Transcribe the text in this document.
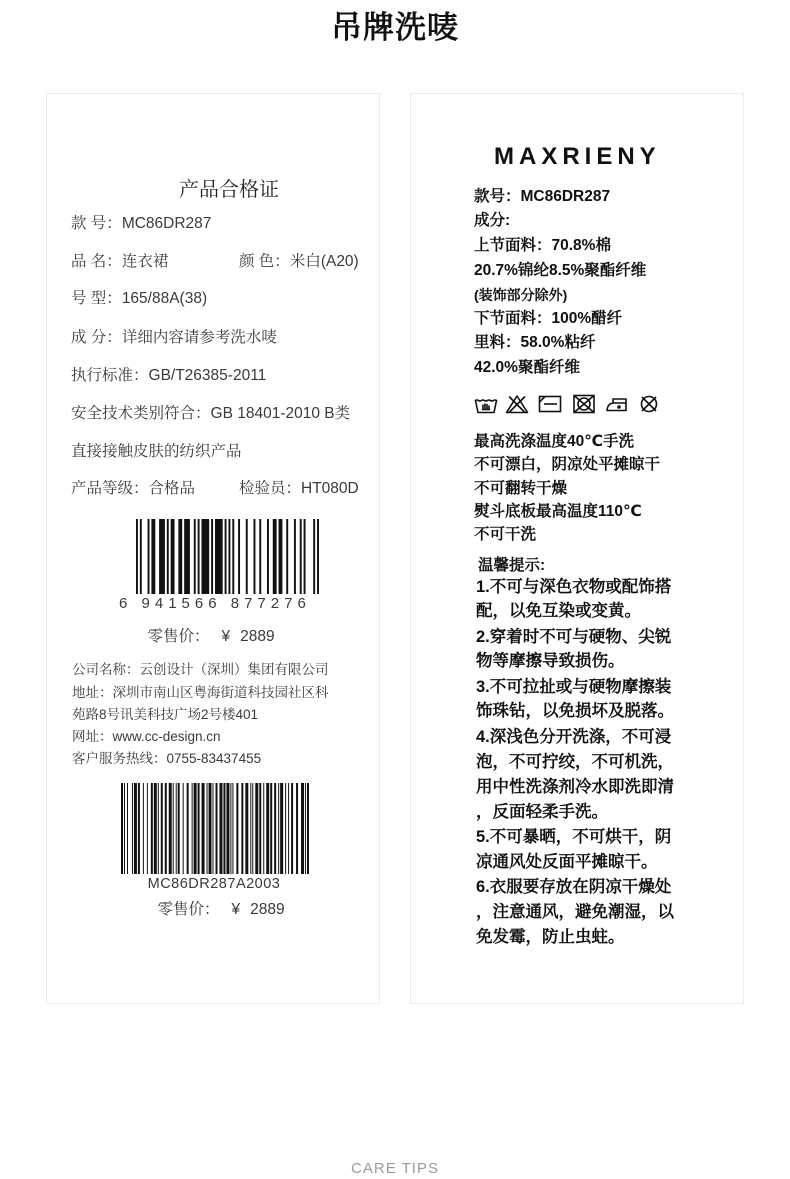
吊牌洗唛
产品合格证
款 号：MC86DR287
品 名：连衣裙	颜 色：米白(A20)
号 型：165/88A(38)
成 分：详细内容请参考洗水唛
执行标准：GB/T26385-2011
安全技术类别符合：GB 18401-2010 B类
直接接触皮肤的纺织产品
产品等级：合格品	检验员：HT080D
6 941566 877276
零售价： ¥ 2889
公司名称：云创设计（深圳）集团有限公司
地址：深圳市南山区粤海街道科技园社区科
苑路8号讯美科技广场2号楼401
网址：www.cc-design.cn
客户服务热线：0755-83437455
MC86DR287A2003
零售价： ¥ 2889
MAXRIENY
款号：MC86DR287
成分:
上节面料：70.8%棉
20.7%锦纶8.5%聚酯纤维
(装饰部分除外)
下节面料：100%醋纤
里料：58.0%粘纤
42.0%聚酯纤维
最高洗涤温度40℃手洗
不可漂白，阴凉处平摊晾干
不可翻转干燥
熨斗底板最高温度110℃
不可干洗
温馨提示:
1.不可与深色衣物或配饰搭
配，以免互染或变黄。
2.穿着时不可与硬物、尖锐
物等摩擦导致损伤。
3.不可拉扯或与硬物摩擦装
饰珠钻，以免损坏及脱落。
4.深浅色分开洗涤，不可浸
泡，不可拧绞，不可机洗，
用中性洗涤剂冷水即洗即清
，反面轻柔手洗。
5.不可暴晒，不可烘干，阴
凉通风处反面平摊晾干。
6.衣服要存放在阴凉干燥处
，注意通风，避免潮湿，以
免发霉，防止虫蛀。
CARE TIPS
